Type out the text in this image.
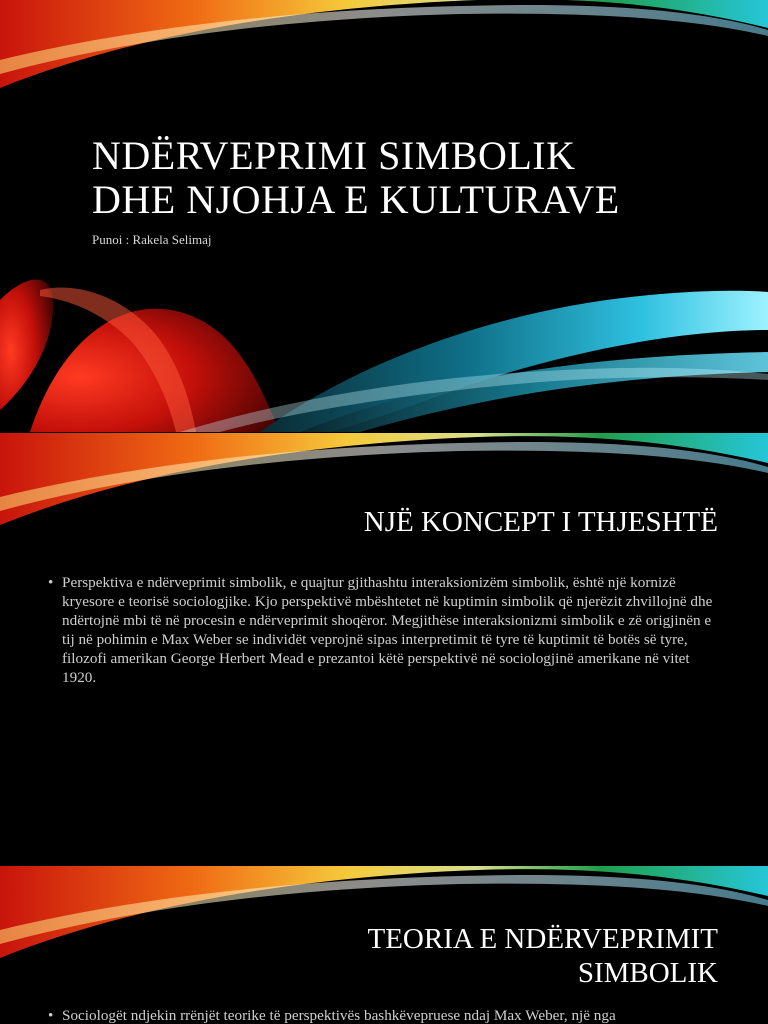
NDËRVEPRIMI SIMBOLIK
DHE NJOHJA E KULTURAVE

Punoi : Rakela Selimaj

NJË KONCEPT I THJESHTË
• Perspektiva e ndërveprimit simbolik, e quajtur gjithashtu interaksionizëm simbolik, është një kornizë kryesore e teorisë sociologjike. Kjo perspektivë mbështetet në kuptimin simbolik që njerëzit zhvillojnë dhe ndërtojnë mbi të në procesin e ndërveprimit shoqëror. Megjithëse interaksionizmi simbolik e zë origjinën e tij në pohimin e Max Weber se individët veprojnë sipas interpretimit të tyre të kuptimit të botës së tyre, filozofi amerikan George Herbert Mead e prezantoi këtë perspektivë në sociologjinë amerikane në vitet 1920.
TEORIA E NDËRVEPRIMIT
SIMBOLIK
• Sociologët ndjekin rrënjët teorike të perspektivës bashkëvepruese ndaj Max Weber, një nga
